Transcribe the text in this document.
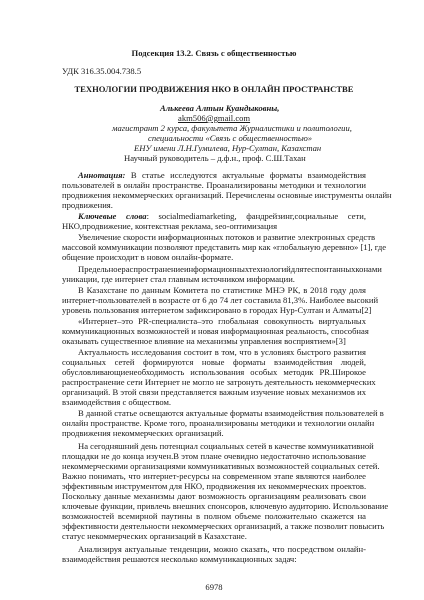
Подсекция 13.2. Связь с общественностью
УДК 316.35.004.738.5
ТЕХНОЛОГИИ ПРОДВИЖЕНИЯ НКО В ОНЛАЙН ПРОСТРАНСТВЕ
Алькеева Алтын Куандыковны,
akm506@gmail.com
магистрант 2 курса, факультета Журналистики и политологии,
специальности «Связь с общественностью»
ЕНУ имени Л.Н.Гумилева, Нур-Султан, Казахстан
Научный руководитель – д.ф.н., проф. С.Ш.Тахан
Аннотация: В статье исследуются актуальные форматы взаимодействия
пользователей в онлайн пространстве. Проанализированы методики и технологии
продвижения некоммерческих организаций. Перечислены основные инструменты онлайн
продвижения.
Ключевые слова: socialmediamarketing, фандрейзинг,социальные сети,
НКО,продвижение, контекстная реклама, seo-оптимизация
Увеличение скорости информационных потоков и развитие электронных средств
массовой коммуникации позволяют представить мир как «глобальную деревню» [1], где
общение происходит в новом онлайн-формате.
Предельноераспространениеинформационныхтехнологийдлятеспонтанныхконами
уникации, где интернет стал главным источником информации.
В Казахстане по данным Комитета по статистике МНЭ РК, в 2018 году доля
интернет-пользователей в возрасте от 6 до 74 лет составила 81,3%. Наиболее высокий
уровень пользования интернетом зафиксировано в городах Нур-Султан и Алматы[2]
«Интернет‒это PR-специалиста‒это глобальная совокупность виртуальных
коммуникационных возможностей и новая информационная реальность, способная
оказывать существенное влияние на механизмы управления восприятием»[3]
Актуальность исследования состоит в том, что в условиях быстрого развития
социальных сетей формируются новые форматы взаимодействия людей,
обусловливающиенеобходимость использования особых методик PR.Широкое
распространение сети Интернет не могло не затронуть деятельность некоммерческих
организаций. В этой связи представляется важным изучение новых механизмов их
взаимодействия с обществом.
В данной статье освещаются актуальные форматы взаимодействия пользователей в
онлайн пространстве. Кроме того, проанализированы методики и технологии онлайн
продвижения некоммерческих организаций.
На сегодняшний день потенциал социальных сетей в качестве коммуникативной
площадки не до конца изучен.В этом плане очевидно недостаточно использование
некоммерческими организациями коммуникативных возможностей социальных сетей.
Важно понимать, что интернет-ресурсы на современном этапе являются наиболее
эффективным инструментом для НКО, продвижения их некоммерческих проектов.
Поскольку данные механизмы дают возможность организациям реализовать свои
ключевые функции, привлечь внешних спонсоров, ключевую аудиторию. Использование
возможностей всемирной паутины в полном объеме положительно скажется на
эффективности деятельности некоммерческих организаций, а также позволит повысить
статус некоммерческих организаций в Казахстане.
Анализируя актуальные тенденции, можно сказать, что посредством онлайн-
взаимодействия решаются несколько коммуникационных задач:
6978
